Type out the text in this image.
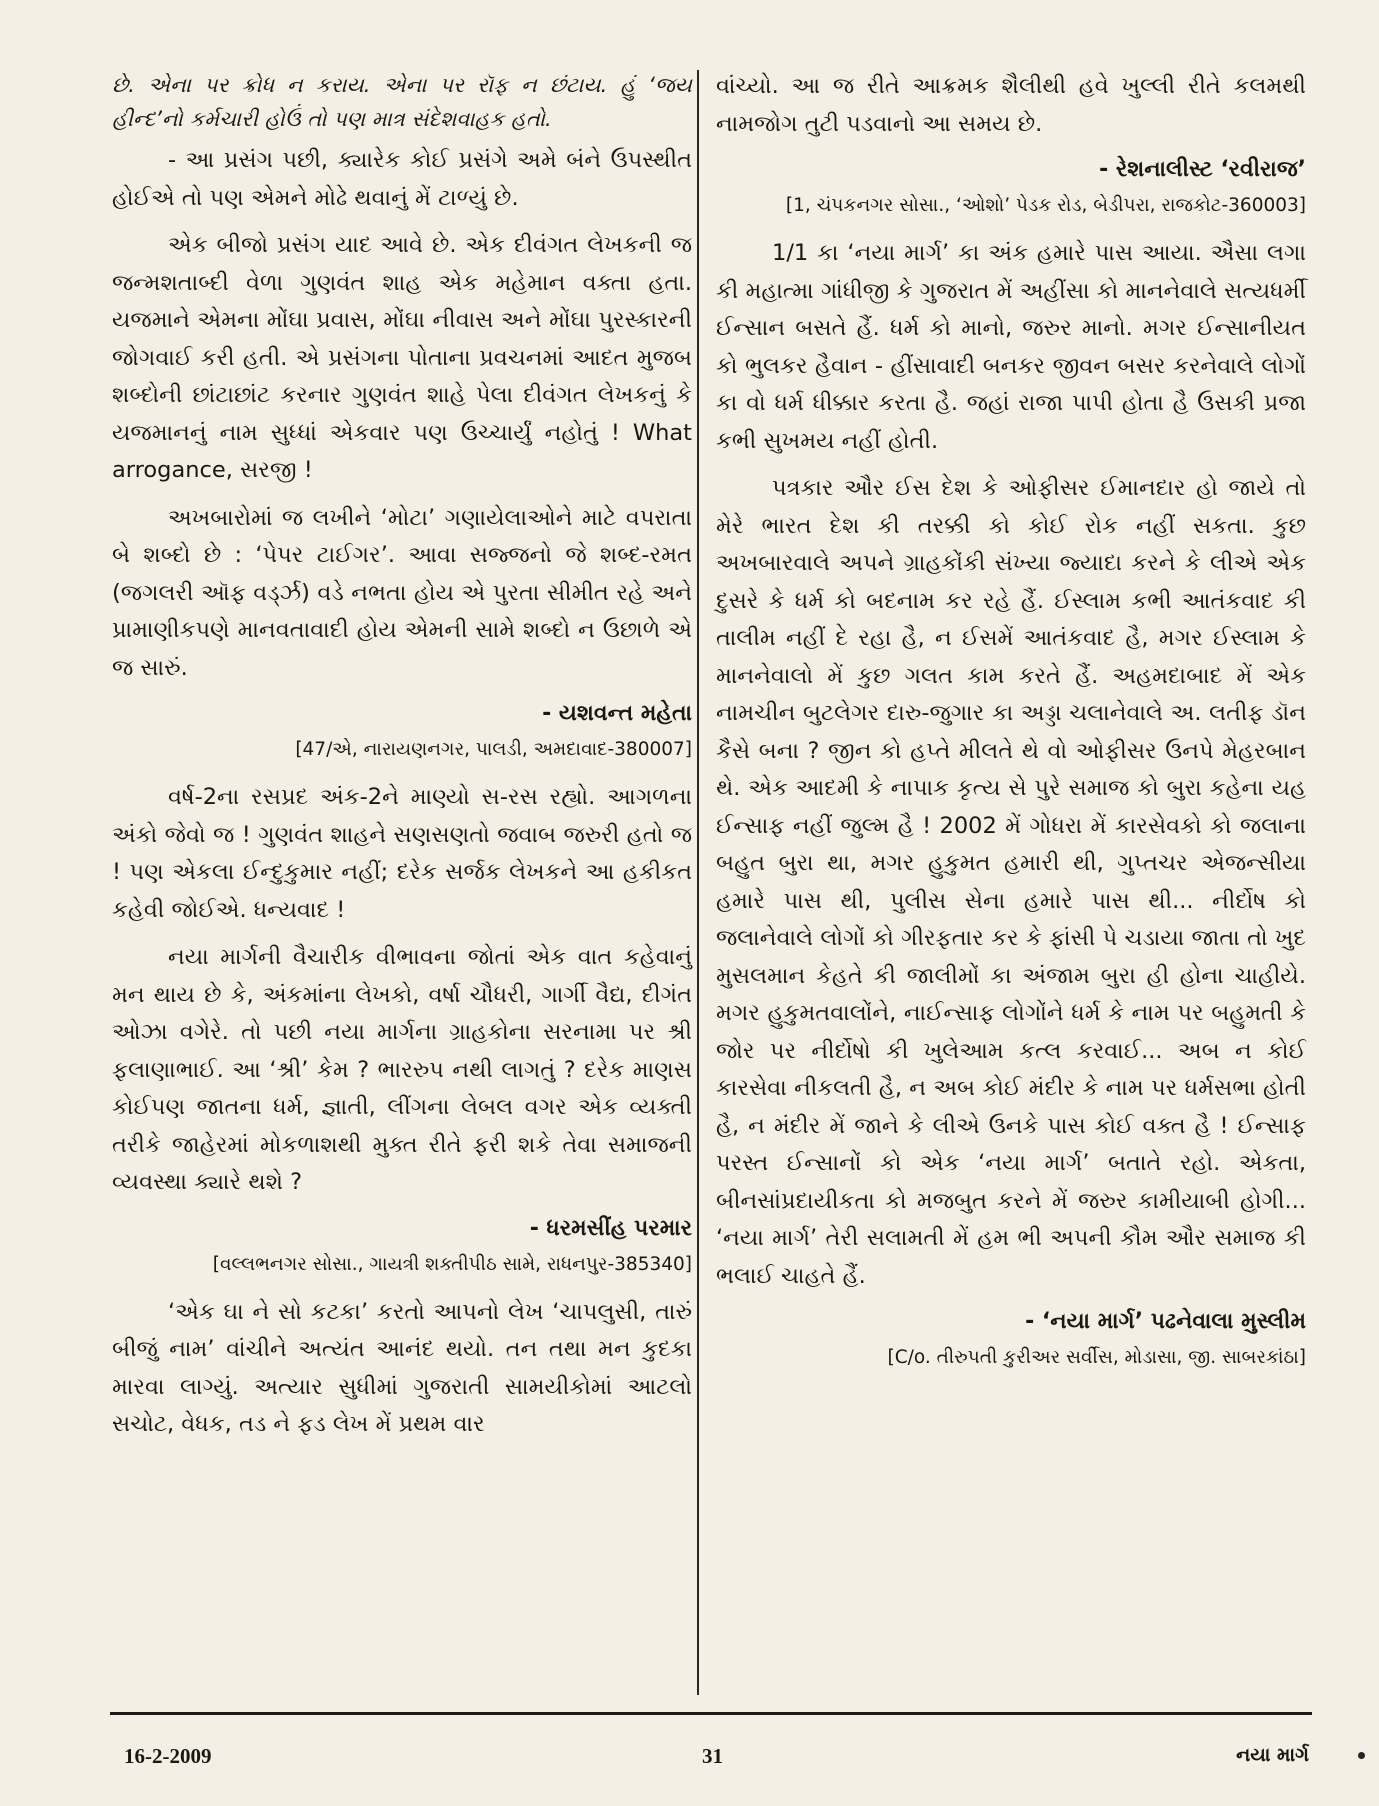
છે. એના પર ક્રોધ ન કરાય. એના પર રૉફ ન છંટાય. હું ‘જય હીન્દ’નો કર્મચારી હોઉં તો પણ માત્ર સંદેશવાહક હતો.

- આ પ્રસંગ પછી, ક્યારેક કોઈ પ્રસંગે અમે બંને ઉપસ્થીત હોઈએ તો પણ એમને મોઢે થવાનું મેં ટાળ્યું છે.

એક બીજો પ્રસંગ યાદ આવે છે. એક દીવંગત લેખકની જ જન્મશતાબ્દી વેળા ગુણવંત શાહ એક મહેમાન વક્તા હતા. યજમાને એમના મોંઘા પ્રવાસ, મોંઘા નીવાસ અને મોંઘા પુરસ્કારની જોગવાઈ કરી હતી. એ પ્રસંગના પોતાના પ્રવચનમાં આદત મુજબ શબ્દોની છાંટાછાંટ કરનાર ગુણવંત શાહે પેલા દીવંગત લેખકનું કે યજમાનનું નામ સુધ્ધાં એકવાર પણ ઉચ્ચાર્યું નહોતું ! What arrogance, સરજી !

અખબારોમાં જ લખીને ‘મોટા’ ગણાયેલાઓને માટે વપરાતા બે શબ્દો છે : ‘પેપર ટાઈગર’. આવા સજ્જનો જે શબ્દ-રમત (જગલરી ઑફ વર્ડ્ઝ) વડે નભતા હોય એ પુરતા સીમીત રહે અને પ્રામાણીકપણે માનવતાવાદી હોય એમની સામે શબ્દો ન ઉછાળે એ જ સારું.

- યશવન્ત મહેતા

[47/એ, નારાયણનગર, પાલડી, અમદાવાદ-380007]

વર્ષ-2ના રસપ્રદ અંક-2ને માણ્યો સ-રસ રહ્યો. આગળના અંકો જેવો જ ! ગુણવંત શાહને સણસણતો જવાબ જરુરી હતો જ ! પણ એકલા ઈન્દુકુમાર નહીં; દરેક સર્જક લેખકને આ હકીકત કહેવી જોઈએ. ધન્યવાદ !

નયા માર્ગની વૈચારીક વીભાવના જોતાં એક વાત કહેવાનું મન થાય છે કે, અંકમાંના લેખકો, વર્ષા ચૌધરી, ગાર્ગી વૈદ્ય, દીગંત ઓઝા વગેરે. તો પછી નયા માર્ગના ગ્રાહકોના સરનામા પર શ્રી ફલાણાભાઈ. આ ‘શ્રી’ કેમ ? ભારરુપ નથી લાગતું ? દરેક માણસ કોઈપણ જાતના ધર્મ, જ્ઞાતી, લીંગના લેબલ વગર એક વ્યક્તી તરીકે જાહેરમાં મોકળાશથી મુક્ત રીતે ફરી શકે તેવા સમાજની વ્યવસ્થા ક્યારે થશે ?

- ધરમસીંહ પરમાર

[વલ્લભનગર સોસા., ગાયત્રી શક્તીપીઠ સામે, રાધનપુર-385340]

‘એક ઘા ને સો કટકા’ કરતો આપનો લેખ ‘ચાપલુસી, તારું બીજું નામ’ વાંચીને અત્યંત આનંદ થયો. તન તથા મન કુદકા મારવા લાગ્યું. અત્યાર સુધીમાં ગુજરાતી સામયીકોમાં આટલો સચોટ, વેધક, તડ ને ફડ લેખ મેં પ્રથમ વાર

વાંચ્યો. આ જ રીતે આક્રમક શૈલીથી હવે ખુલ્લી રીતે કલમથી નામજોગ તુટી પડવાનો આ સમય છે.

- રેશનાલીસ્ટ ‘રવીરાજ’

[1, ચંપકનગર સોસા., ‘ઓશો’ પેડક રોડ, બેડીપરા, રાજકોટ-360003]

1/1 કા ‘નયા માર્ગ’ કા અંક હમારે પાસ આયા. ઐસા લગા કી મહાત્મા ગાંધીજી કે ગુજરાત મેં અહીંસા કો માનનેવાલે સત્યધર્મી ઈન્સાન બસતે હૈં. ધર્મ કો માનો, જરુર માનો. મગર ઈન્સાનીયત કો ભુલકર હૈવાન - હીંસાવાદી બનકર જીવન બસર કરનેવાલે લોગોં કા વો ધર્મ ધીક્કાર કરતા હૈ. જહાં રાજા પાપી હોતા હૈ ઉસકી પ્રજા કભી સુખમય નહીં હોતી.

પત્રકાર ઔર ઈસ દેશ કે ઓફીસર ઈમાનદાર હો જાયે તો મેરે ભારત દેશ કી તરક્કી કો કોઈ રોક નહીં સકતા. કુછ અખબારવાલે અપને ગ્રાહકોંકી સંખ્યા જ્યાદા કરને કે લીએ એક દુસરે કે ધર્મ કો બદનામ કર રહે હૈં. ઈસ્લામ કભી આતંકવાદ કી તાલીમ નહીં દે રહા હૈ, ન ઈસમેં આતંકવાદ હૈ, મગર ઈસ્લામ કે માનનેવાલો મેં કુછ ગલત કામ કરતે હૈં. અહમદાબાદ મેં એક નામચીન બુટલેગર દારુ-જુગાર કા અડ્ડા ચલાનેવાલે અ. લતીફ ડૉન કૈસે બના ? જીન કો હપ્તે મીલતે થે વો ઓફીસર ઉનપે મેહરબાન થે. એક આદમી કે નાપાક કૃત્ય સે પુરે સમાજ કો બુરા કહેના યહ ઈન્સાફ નહીં જુલ્મ હૈ ! 2002 મેં ગોધરા મેં કારસેવકો કો જલાના બહુત બુરા થા, મગર હુકુમત હમારી થી, ગુપ્તચર એજન્સીયા હમારે પાસ થી, પુલીસ સેના હમારે પાસ થી... નીર્દોષ કો જલાનેવાલે લોગોં કો ગીરફતાર કર કે ફાંસી પે ચડાયા જાતા તો ખુદ મુસલમાન કેહતે કી જાલીમોં કા અંજામ બુરા હી હોના ચાહીયે. મગર હુકુમતવાલોંને, નાઈન્સાફ લોગોંને ધર્મ કે નામ પર બહુમતી કે જોર પર નીર્દોષો કી ખુલેઆમ કત્લ કરવાઈ... અબ ન કોઈ કારસેવા નીકલતી હૈ, ન અબ કોઈ મંદીર કે નામ પર ધર્મસભા હોતી હૈ, ન મંદીર મેં જાને કે લીએ ઉનકે પાસ કોઈ વક્ત હૈ ! ઈન્સાફ પરસ્ત ઈન્સાનોં કો એક ‘નયા માર્ગ’ બતાતે રહો. એકતા, બીનસાંપ્રદાયીકતા કો મજબુત કરને મેં જરુર કામીયાબી હોગી... ‘નયા માર્ગ’ તેરી સલામતી મેં હમ ભી અપની કૌમ ઔર સમાજ કી ભલાઈ ચાહતે હૈં.

- ‘નયા માર્ગ’ પઢનેવાલા મુસ્લીમ

[C/o. તીરુપતી કુરીઅર સર્વીસ, મોડાસા, જી. સાબરકાંઠા]

16-2-2009	31	નયા માર્ગ
